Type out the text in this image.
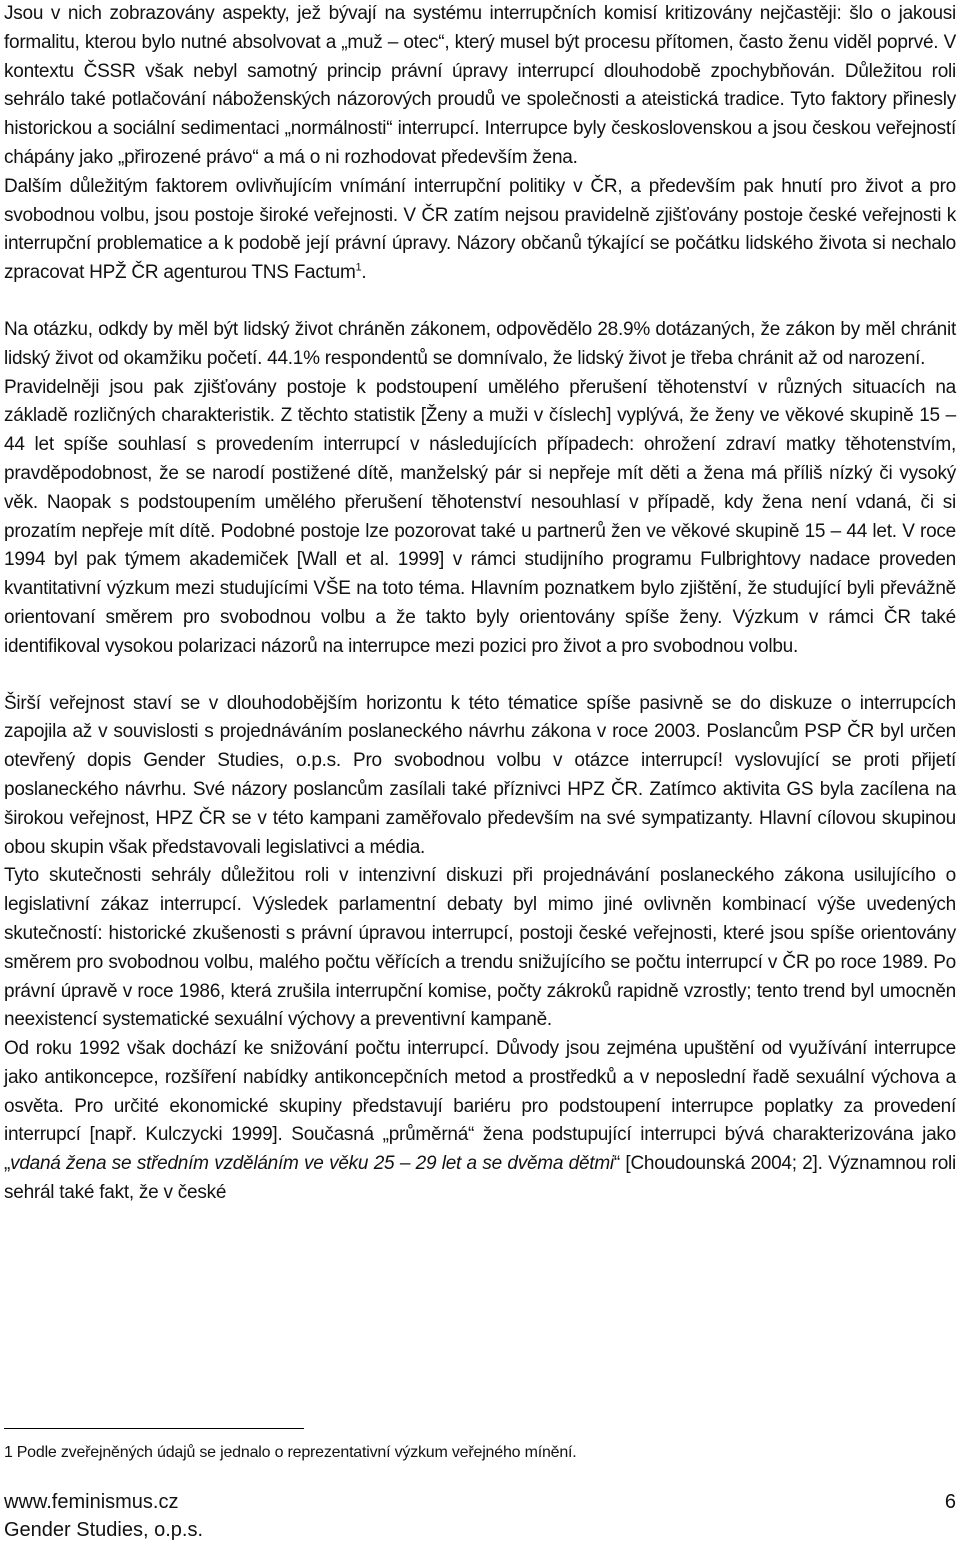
Jsou v nich zobrazovány aspekty, jež bývají na systému interrupčních komisí kritizovány nejčastěji: šlo o jakousi formalitu, kterou bylo nutné absolvovat a „muž – otec“, který musel být procesu přítomen, často ženu viděl poprvé. V kontextu ČSSR však nebyl samotný princip právní úpravy interrupcí dlouhodobě zpochybňován. Důležitou roli sehrálo také potlačování náboženských názorových proudů ve společnosti a ateistická tradice. Tyto faktory přinesly historickou a sociální sedimentaci „normálnosti“ interrupcí. Interrupce byly československou a jsou českou veřejností chápány jako „přirozené právo“ a má o ni rozhodovat především žena.

Dalším důležitým faktorem ovlivňujícím vnímání interrupční politiky v ČR, a především pak hnutí pro život a pro svobodnou volbu, jsou postoje široké veřejnosti. V ČR zatím nejsou pravidelně zjišťovány postoje české veřejnosti k interrupční problematice a k podobě její právní úpravy. Názory občanů týkající se počátku lidského života si nechalo zpracovat HPŽ ČR agenturou TNS Factum$^1$.

Na otázku, odkdy by měl být lidský život chráněn zákonem, odpovědělo 28.9% dotázaných, že zákon by měl chránit lidský život od okamžiku početí. 44.1% respondentů se domnívalo, že lidský život je třeba chránit až od narození.

Pravidelněji jsou pak zjišťovány postoje k podstoupení umělého přerušení těhotenství v různých situacích na základě rozličných charakteristik. Z těchto statistik [Ženy a muži v číslech] vyplývá, že ženy ve věkové skupině 15 – 44 let spíše souhlasí s provedením interrupcí v následujících případech: ohrožení zdraví matky těhotenstvím, pravděpodobnost, že se narodí postižené dítě, manželský pár si nepřeje mít děti a žena má příliš nízký či vysoký věk. Naopak s podstoupením umělého přerušení těhotenství nesouhlasí v případě, kdy žena není vdaná, či si prozatím nepřeje mít dítě. Podobné postoje lze pozorovat také u partnerů žen ve věkové skupině 15 – 44 let. V roce 1994 byl pak týmem akademiček [Wall et al. 1999] v rámci studijního programu Fulbrightovy nadace proveden kvantitativní výzkum mezi studujícími VŠE na toto téma. Hlavním poznatkem bylo zjištění, že studující byli převážně orientovaní směrem pro svobodnou volbu a že takto byly orientovány spíše ženy. Výzkum v rámci ČR také identifikoval vysokou polarizaci názorů na interrupce mezi pozici pro život a pro svobodnou volbu.

Širší veřejnost staví se v dlouhodobějším horizontu k této tématice spíše pasivně se do diskuze o interrupcích zapojila až v souvislosti s projednáváním poslaneckého návrhu zákona v roce 2003. Poslancům PSP ČR byl určen otevřený dopis Gender Studies, o.p.s. Pro svobodnou volbu v otázce interrupcí! vyslovující se proti přijetí poslaneckého návrhu. Své názory poslancům zasílali také příznivci HPZ ČR. Zatímco aktivita GS byla zacílena na širokou veřejnost, HPZ ČR se v této kampani zaměřovalo především na své sympatizanty. Hlavní cílovou skupinou obou skupin však představovali legislativci a média.

Tyto skutečnosti sehrály důležitou roli v intenzivní diskuzi při projednávání poslaneckého zákona usilujícího o legislativní zákaz interrupcí. Výsledek parlamentní debaty byl mimo jiné ovlivněn kombinací výše uvedených skutečností: historické zkušenosti s právní úpravou interrupcí, postoji české veřejnosti, které jsou spíše orientovány směrem pro svobodnou volbu, malého počtu věřících a trendu snižujícího se počtu interrupcí v ČR po roce 1989. Po právní úpravě v roce 1986, která zrušila interrupční komise, počty zákroků rapidně vzrostly; tento trend byl umocněn neexistencí systematické sexuální výchovy a preventivní kampaně.

Od roku 1992 však dochází ke snižování počtu interrupcí. Důvody jsou zejména upuštění od využívání interrupce jako antikoncepce, rozšíření nabídky antikoncepčních metod a prostředků a v neposlední řadě sexuální výchova a osvěta. Pro určité ekonomické skupiny představují bariéru pro podstoupení interrupce poplatky za provedení interrupcí [např. Kulczycki 1999]. Současná „průměrná“ žena podstupující interrupci bývá charakterizována jako „vdaná žena se středním vzděláním ve věku 25 – 29 let a se dvěma dětmi“ [Choudounská 2004; 2]. Významnou roli sehrál také fakt, že v české

1 Podle zveřejněných údajů se jednalo o reprezentativní výzkum veřejného mínění.
www.feminismus.cz
Gender Studies, o.p.s.
6
